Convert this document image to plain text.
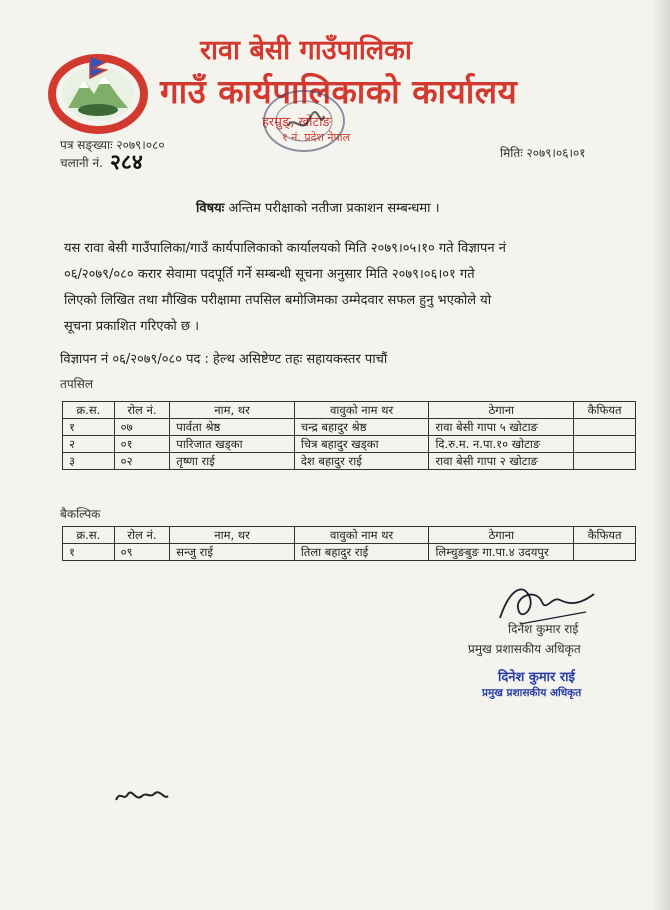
रावा बेसी गाउँपालिका
गाउँ कार्यपालिकाको कार्यालय
हरम्रुङ्, खोटाङ
१ नं. प्रदेश नेपाल
पत्र सङ्ख्याः २०७९।०८०
चलानी नं. २८४	मितिः २०७९।०६।०१
विषयः अन्तिम परीक्षाको नतीजा प्रकाशन सम्बन्धमा ।
यस रावा बेसी गाउँपालिका/गाउँ कार्यपालिकाको कार्यालयको मिति २०७९।०५।१० गते विज्ञापन नं
०६/२०७९/०८० करार सेवामा पदपूर्ति गर्ने सम्बन्धी सूचना अनुसार मिति २०७९।०६।०१ गते
लिएको लिखित तथा मौखिक परीक्षामा तपसिल बमोजिमका उम्मेदवार सफल हुनु भएकोले यो
सूचना प्रकाशित गरिएको छ ।
विज्ञापन नं ०६/२०७९/०८० पद : हेल्थ असिष्टेण्ट तहः सहायकस्तर पाचौं
तपसिल
क्र.स.	रोल नं.	नाम, थर	वावुको नाम थर	ठेगाना	कैफियत
१	०७	पार्वता श्रेष्ठ	चन्द्र बहादुर श्रेष्ठ	रावा बेसी गापा ५ खोटाङ	
२	०१	पारिजात खड्का	चित्र बहादुर खड्का	दि.रु.म. न.पा.१० खोटाङ	
३	०२	तृष्णा राई	देश बहादुर राई	रावा बेसी गापा २ खोटाङ	
बैकल्पिक
क्र.स.	रोल नं.	नाम, थर	वावुको नाम थर	ठेगाना	कैफियत
१	०९	सन्जु राई	तिला बहादुर राई	लिम्चुङबुङ गा.पा.४ उदयपुर	
दिनेश कुमार राई
प्रमुख प्रशासकीय अधिकृत
दिनेश कुमार राई
प्रमुख प्रशासकीय अधिकृत
